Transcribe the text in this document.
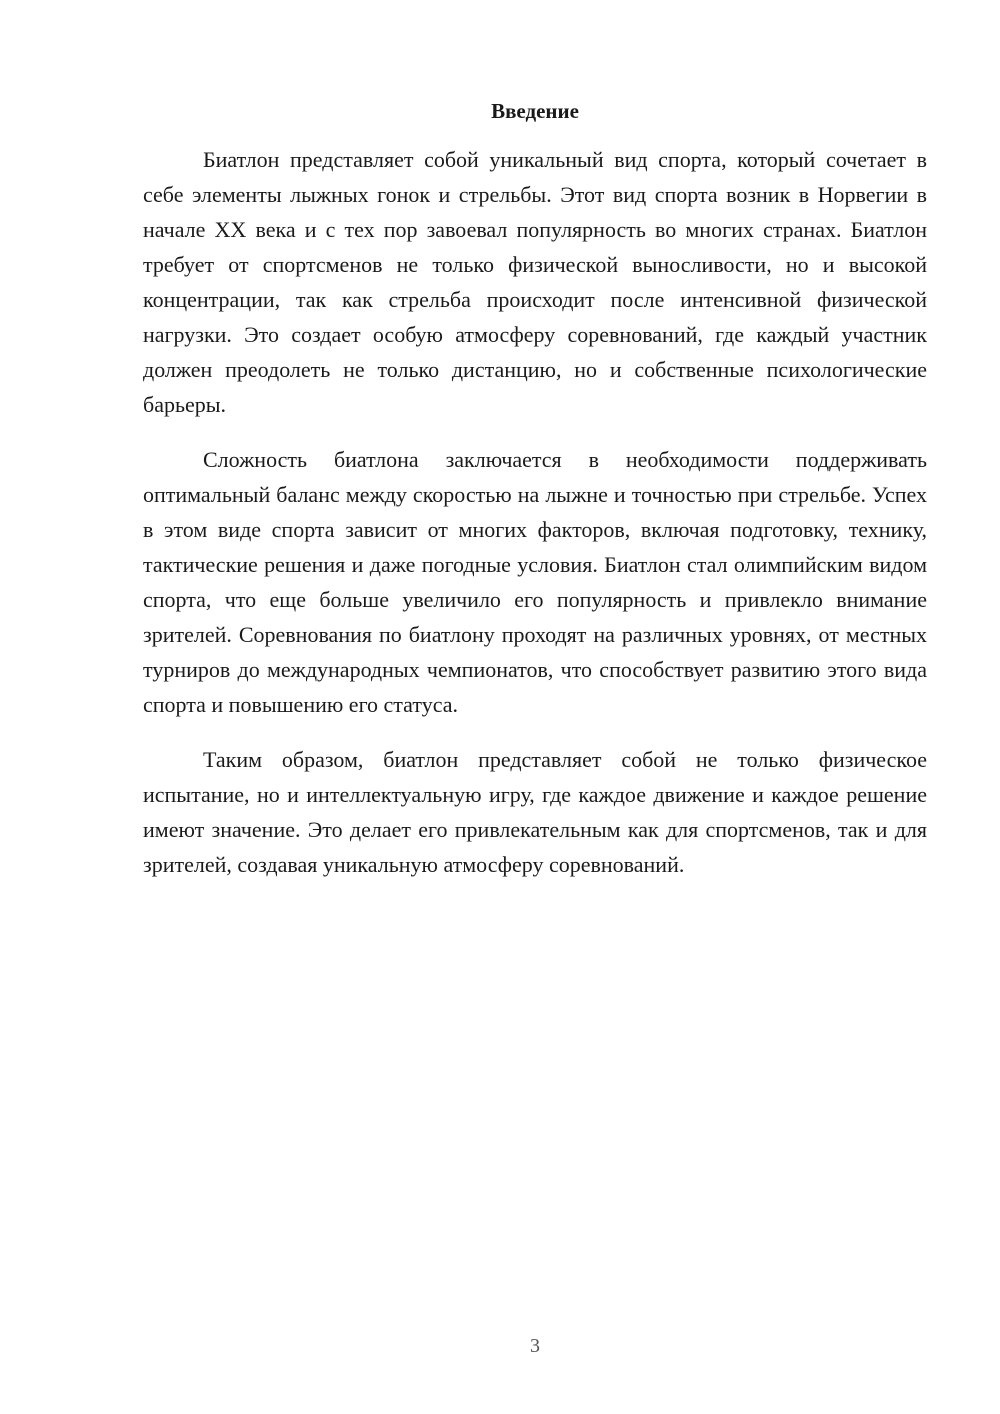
Введение

Биатлон представляет собой уникальный вид спорта, который сочетает в себе элементы лыжных гонок и стрельбы. Этот вид спорта возник в Норвегии в начале XX века и с тех пор завоевал популярность во многих странах. Биатлон требует от спортсменов не только физической выносливости, но и высокой концентрации, так как стрельба происходит после интенсивной физической нагрузки. Это создает особую атмосферу соревнований, где каждый участник должен преодолеть не только дистанцию, но и собственные психологические барьеры.

Сложность биатлона заключается в необходимости поддерживать оптимальный баланс между скоростью на лыжне и точностью при стрельбе. Успех в этом виде спорта зависит от многих факторов, включая подготовку, технику, тактические решения и даже погодные условия. Биатлон стал олимпийским видом спорта, что еще больше увеличило его популярность и привлекло внимание зрителей. Соревнования по биатлону проходят на различных уровнях, от местных турниров до международных чемпионатов, что способствует развитию этого вида спорта и повышению его статуса.

Таким образом, биатлон представляет собой не только физическое испытание, но и интеллектуальную игру, где каждое движение и каждое решение имеют значение. Это делает его привлекательным как для спортсменов, так и для зрителей, создавая уникальную атмосферу соревнований.

3
